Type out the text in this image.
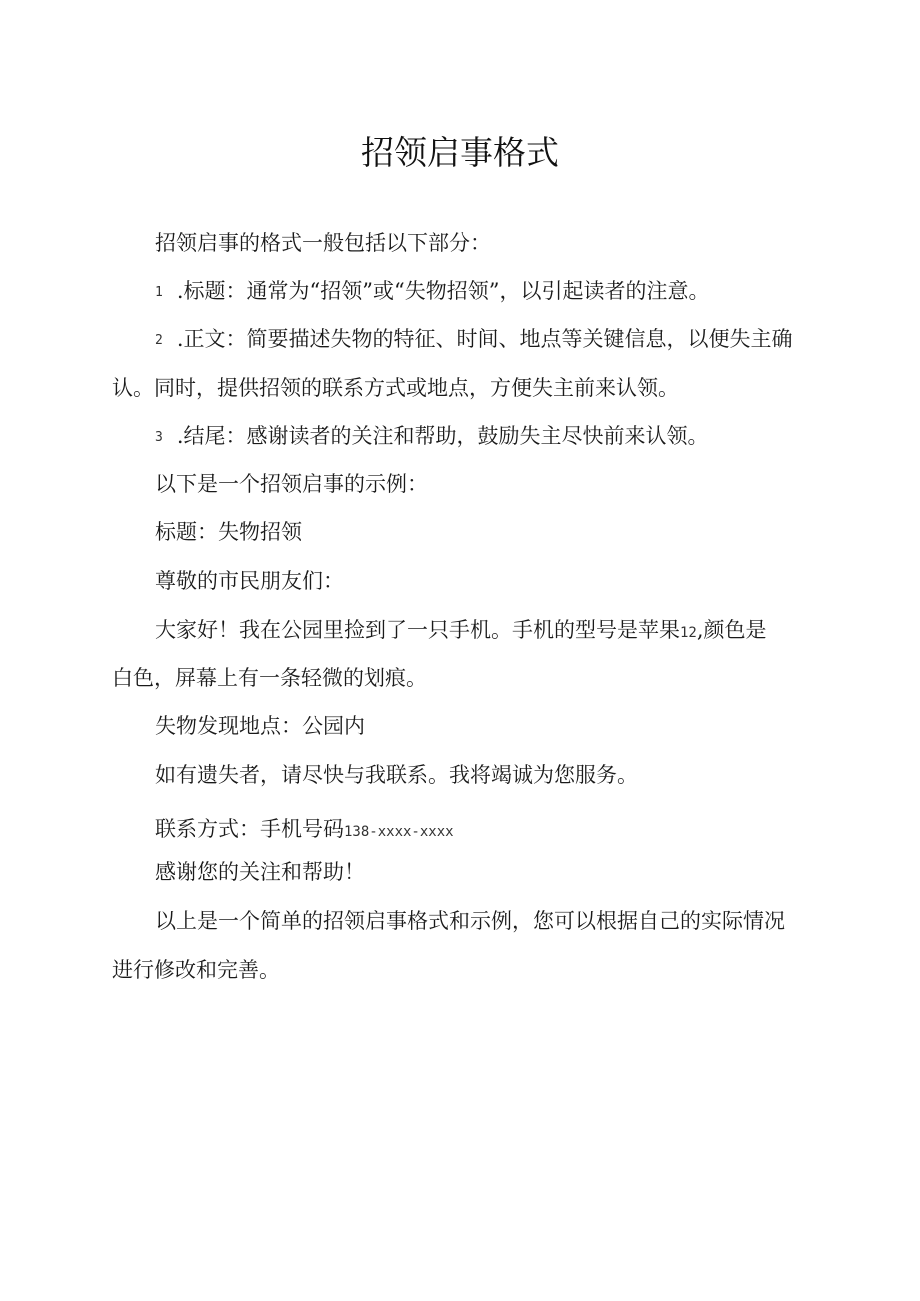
招领启事格式
招领启事的格式一般包括以下部分：
1 .标题：通常为“招领”或“失物招领”，以引起读者的注意。
2 .正文：简要描述失物的特征、时间、地点等关键信息，以便失主确
认。同时，提供招领的联系方式或地点，方便失主前来认领。
3 .结尾：感谢读者的关注和帮助，鼓励失主尽快前来认领。
以下是一个招领启事的示例：
标题：失物招领
尊敬的市民朋友们：
大家好！我在公园里捡到了一只手机。手机的型号是苹果12,颜色是
白色，屏幕上有一条轻微的划痕。
失物发现地点：公园内
如有遗失者，请尽快与我联系。我将竭诚为您服务。
联系方式：手机号码138-xxxx-xxxx
感谢您的关注和帮助！
以上是一个简单的招领启事格式和示例，您可以根据自己的实际情况
进行修改和完善。
